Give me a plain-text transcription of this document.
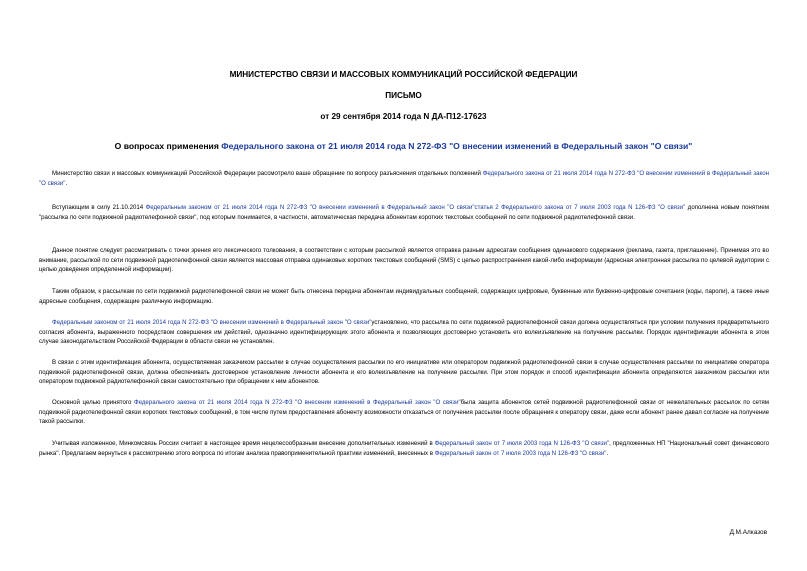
МИНИСТЕРСТВО СВЯЗИ И МАССОВЫХ КОММУНИКАЦИЙ РОССИЙСКОЙ ФЕДЕРАЦИИ
ПИСЬМО
от 29 сентября 2014 года N ДА-П12-17623
О вопросах применения Федерального закона от 21 июля 2014 года N 272-ФЗ "О внесении изменений в Федеральный закон "О связи"

Министерство связи и массовых коммуникаций Российской Федерации рассмотрело ваше обращение по вопросу разъяснения отдельных положений Федерального закона от 21 июля 2014 года N 272-ФЗ "О внесении изменений в Федеральный закон "О связи".

Вступающим в силу 21.10.2014 Федеральным законом от 21 июля 2014 года N 272-ФЗ "О внесении изменений в Федеральный закон "О связи"статья 2 Федерального закона от 7 июля 2003 года N 126-ФЗ "О связи" дополнена новым понятием "рассылка по сети подвижной радиотелефонной связи", под которым понимается, в частности, автоматическая передача абонентам коротких текстовых сообщений по сети подвижной радиотелефонной связи.

Данное понятие следует рассматривать с точки зрения его лексического толкования, в соответствии с которым рассылкой является отправка разным адресатам сообщения одинакового содержания (реклама, газета, приглашение). Принимая это во внимание, рассылкой по сети подвижной радиотелефонной связи является массовая отправка одинаковых коротких текстовых сообщений (SMS) с целью распространения какой-либо информации (адресная электронная рассылка по целевой аудитории с целью доведения определенной информации).

Таким образом, к рассылкам по сети подвижной радиотелефонной связи не может быть отнесена передача абонентам индивидуальных сообщений, содержащих цифровые, буквенные или буквенно-цифровые сочетания (коды, пароли), а также иные адресные сообщения, содержащие различную информацию.

Федеральным законом от 21 июля 2014 года N 272-ФЗ "О внесении изменений в Федеральный закон "О связи"установлено, что рассылка по сети подвижной радиотелефонной связи должна осуществляться при условии получения предварительного согласия абонента, выраженного посредством совершения им действий, однозначно идентифицирующих этого абонента и позволяющих достоверно установить его волеизъявление на получение рассылки. Порядок идентификации абонента в этом случае законодательством Российской Федерации в области связи не установлен.

В связи с этим идентификация абонента, осуществляемая заказчиком рассылки в случае осуществления рассылки по его инициативе или оператором подвижной радиотелефонной связи в случае осуществления рассылки по инициативе оператора подвижной радиотелефонной связи, должна обеспечивать достоверное установление личности абонента и его волеизъявление на получение рассылки. При этом порядок и способ идентификации абонента определяются заказчиком рассылки или оператором подвижной радиотелефонной связи самостоятельно при обращении к ним абонентов.

Основной целью принятого Федерального закона от 21 июля 2014 года N 272-ФЗ "О внесении изменений в Федеральный закон "О связи"была защита абонентов сетей подвижной радиотелефонной связи от нежелательных рассылок по сетям подвижной радиотелефонной связи коротких текстовых сообщений, в том числе путем предоставления абоненту возможности отказаться от получения рассылки после обращения к оператору связи, даже если абонент ранее давал согласие на получение такой рассылки.

Учитывая изложенное, Минкомсвязь России считает в настоящее время нецелесообразным внесение дополнительных изменений в Федеральный закон от 7 июля 2003 года N 126-ФЗ "О связи", предложенных НП "Национальный совет финансового рынка". Предлагаем вернуться к рассмотрению этого вопроса по итогам анализа правоприменительной практики изменений, внесенных в Федеральный закон от 7 июля 2003 года N 126-ФЗ "О связи".

Д.М.Алказов
